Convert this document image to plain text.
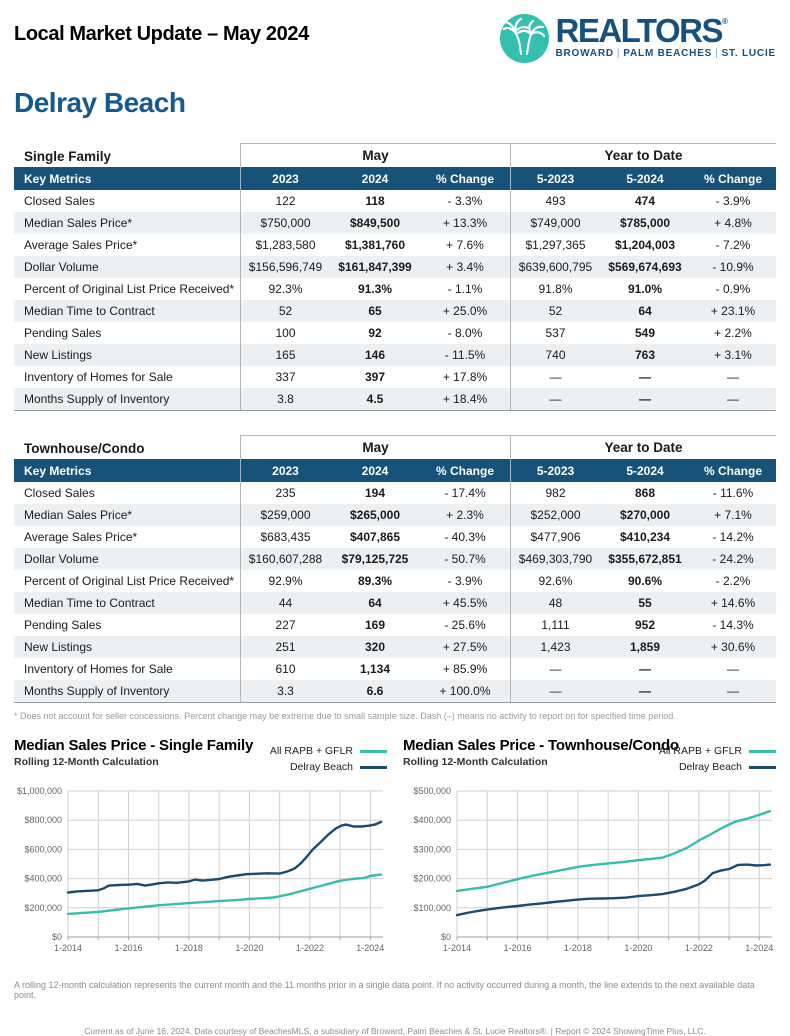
Local Market Update – May 2024	REALTORS®
BROWARD | PALM BEACHES | ST. LUCIE
Delray Beach
Single Family	May	Year to Date
Key Metrics	2023	2024	% Change	5-2023	5-2024	% Change
Closed Sales	122	118	- 3.3%	493	474	- 3.9%
Median Sales Price*	$750,000	$849,500	+ 13.3%	$749,000	$785,000	+ 4.8%
Average Sales Price*	$1,283,580	$1,381,760	+ 7.6%	$1,297,365	$1,204,003	- 7.2%
Dollar Volume	$156,596,749	$161,847,399	+ 3.4%	$639,600,795	$569,674,693	- 10.9%
Percent of Original List Price Received*	92.3%	91.3%	- 1.1%	91.8%	91.0%	- 0.9%
Median Time to Contract	52	65	+ 25.0%	52	64	+ 23.1%
Pending Sales	100	92	- 8.0%	537	549	+ 2.2%
New Listings	165	146	- 11.5%	740	763	+ 3.1%
Inventory of Homes for Sale	337	397	+ 17.8%	—	—	—
Months Supply of Inventory	3.8	4.5	+ 18.4%	—	—	—
Townhouse/Condo	May	Year to Date
Key Metrics	2023	2024	% Change	5-2023	5-2024	% Change
Closed Sales	235	194	- 17.4%	982	868	- 11.6%
Median Sales Price*	$259,000	$265,000	+ 2.3%	$252,000	$270,000	+ 7.1%
Average Sales Price*	$683,435	$407,865	- 40.3%	$477,906	$410,234	- 14.2%
Dollar Volume	$160,607,288	$79,125,725	- 50.7%	$469,303,790	$355,672,851	- 24.2%
Percent of Original List Price Received*	92.9%	89.3%	- 3.9%	92.6%	90.6%	- 2.2%
Median Time to Contract	44	64	+ 45.5%	48	55	+ 14.6%
Pending Sales	227	169	- 25.6%	1,111	952	- 14.3%
New Listings	251	320	+ 27.5%	1,423	1,859	+ 30.6%
Inventory of Homes for Sale	610	1,134	+ 85.9%	—	—	—
Months Supply of Inventory	3.3	6.6	+ 100.0%	—	—	—
* Does not account for seller concessions. Percent change may be extreme due to small sample size. Dash (–) means no activity to report on for specified time period.
Median Sales Price - Single Family
Rolling 12-Month Calculation
All RAPB + GFLR
Delray Beach
$0
$200,000
$400,000
$600,000
$800,000
$1,000,000
1-2014	1-2016	1-2018	1-2020	1-2022	1-2024
Median Sales Price - Townhouse/Condo
Rolling 12-Month Calculation
All RAPB + GFLR
Delray Beach
$0
$100,000
$200,000
$300,000
$400,000
$500,000
1-2014	1-2016	1-2018	1-2020	1-2022	1-2024
A rolling 12-month calculation represents the current month and the 11 months prior in a single data point. If no activity occurred during a month, the line extends to the next available data point.
Current as of June 16, 2024. Data courtesy of BeachesMLS, a subsidiary of Broward, Palm Beaches & St. Lucie Realtors®. | Report © 2024 ShowingTime Plus, LLC.
